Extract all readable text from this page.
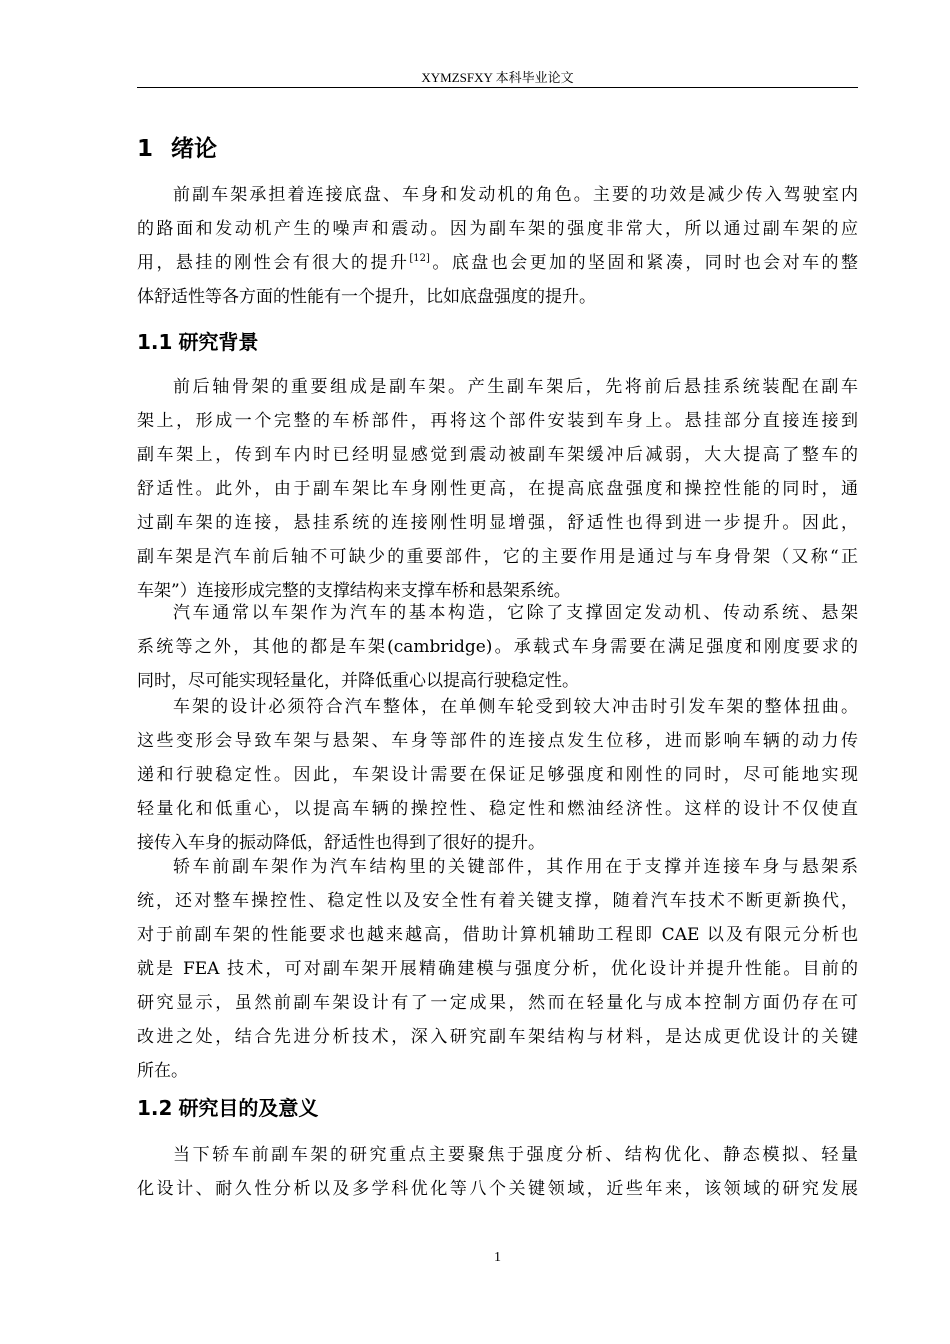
XYMZSFXY 本科毕业论文
1 绪论
前副车架承担着连接底盘、车身和发动机的角色。主要的功效是减少传入驾驶室内
的路面和发动机产生的噪声和震动。因为副车架的强度非常大，所以通过副车架的应
用，悬挂的刚性会有很大的提升[12]。底盘也会更加的坚固和紧凑，同时也会对车的整
体舒适性等各方面的性能有一个提升，比如底盘强度的提升。
1.1 研究背景
前后轴骨架的重要组成是副车架。产生副车架后，先将前后悬挂系统装配在副车
架上，形成一个完整的车桥部件，再将这个部件安装到车身上。悬挂部分直接连接到
副车架上，传到车内时已经明显感觉到震动被副车架缓冲后减弱，大大提高了整车的
舒适性。此外，由于副车架比车身刚性更高，在提高底盘强度和操控性能的同时，通
过副车架的连接，悬挂系统的连接刚性明显增强，舒适性也得到进一步提升。因此，
副车架是汽车前后轴不可缺少的重要部件，它的主要作用是通过与车身骨架（又称“正
车架”）连接形成完整的支撑结构来支撑车桥和悬架系统。
汽车通常以车架作为汽车的基本构造，它除了支撑固定发动机、传动系统、悬架
系统等之外，其他的都是车架(cambridge)。承载式车身需要在满足强度和刚度要求的
同时，尽可能实现轻量化，并降低重心以提高行驶稳定性。
车架的设计必须符合汽车整体，在单侧车轮受到较大冲击时引发车架的整体扭曲。
这些变形会导致车架与悬架、车身等部件的连接点发生位移，进而影响车辆的动力传
递和行驶稳定性。因此，车架设计需要在保证足够强度和刚性的同时，尽可能地实现
轻量化和低重心，以提高车辆的操控性、稳定性和燃油经济性。这样的设计不仅使直
接传入车身的振动降低，舒适性也得到了很好的提升。
轿车前副车架作为汽车结构里的关键部件，其作用在于支撑并连接车身与悬架系
统，还对整车操控性、稳定性以及安全性有着关键支撑，随着汽车技术不断更新换代，
对于前副车架的性能要求也越来越高，借助计算机辅助工程即 CAE 以及有限元分析也
就是 FEA 技术，可对副车架开展精确建模与强度分析，优化设计并提升性能。目前的
研究显示，虽然前副车架设计有了一定成果，然而在轻量化与成本控制方面仍存在可
改进之处，结合先进分析技术，深入研究副车架结构与材料，是达成更优设计的关键
所在。
1.2 研究目的及意义
当下轿车前副车架的研究重点主要聚焦于强度分析、结构优化、静态模拟、轻量
化设计、耐久性分析以及多学科优化等八个关键领域，近些年来，该领域的研究发展
1
